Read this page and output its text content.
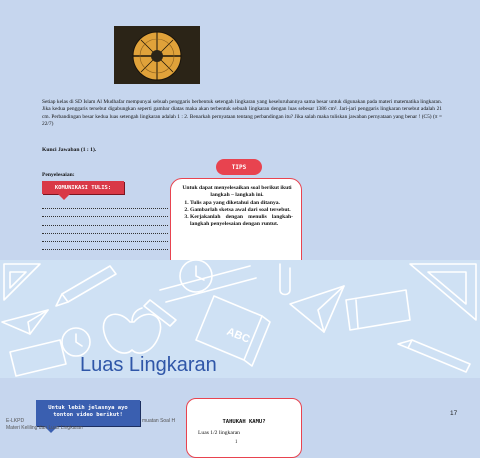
Setiap kelas di SD Islam Al Mudhafar mempunyai sebuah penggaris berbentuk setengah lingkaran yang keseluruhannya sama besar untuk digunakan pada materi matematika lingkaran. Jika kedua penggaris tersebut digabungkan seperti gambar diatas maka akan terbentuk sebuah lingkaran dengan luas sebesar 1386 cm². Jari-jari penggaris lingkaran tersebut adalah 21 cm. Perbandingan besar kedua luas setengah lingkaran adalah 1 : 2. Benarkah pernyataan tentang perbandingan itu? Jika salah maka tuliskan jawaban pernyataan yang benar ! (C5) (π = 22/7)

Kunci Jawaban (1 : 1).
Penyelesaian:
TIPS
KOMUNIKASI TULIS:	Untuk dapat menyelesaikan soal berikut ikuti langkah – langkah ini.

1. Tulis apa yang diketahui dan ditanya.
2. Gambarlah sketsa awal dari soal tersebut.
3. Kerjakanlah dengan menulis langkah-langkah penyelesaian dengan runtut.
ABC
Luas Lingkaran
Untuk lebih jelasnya ayo
tonton video berikut!
E-LKPD
Materi Keliling dan Luas Lingkaran
muatan Soal H	TAHUKAH KAMU?
Luas 1/2 lingkaran
1
17
